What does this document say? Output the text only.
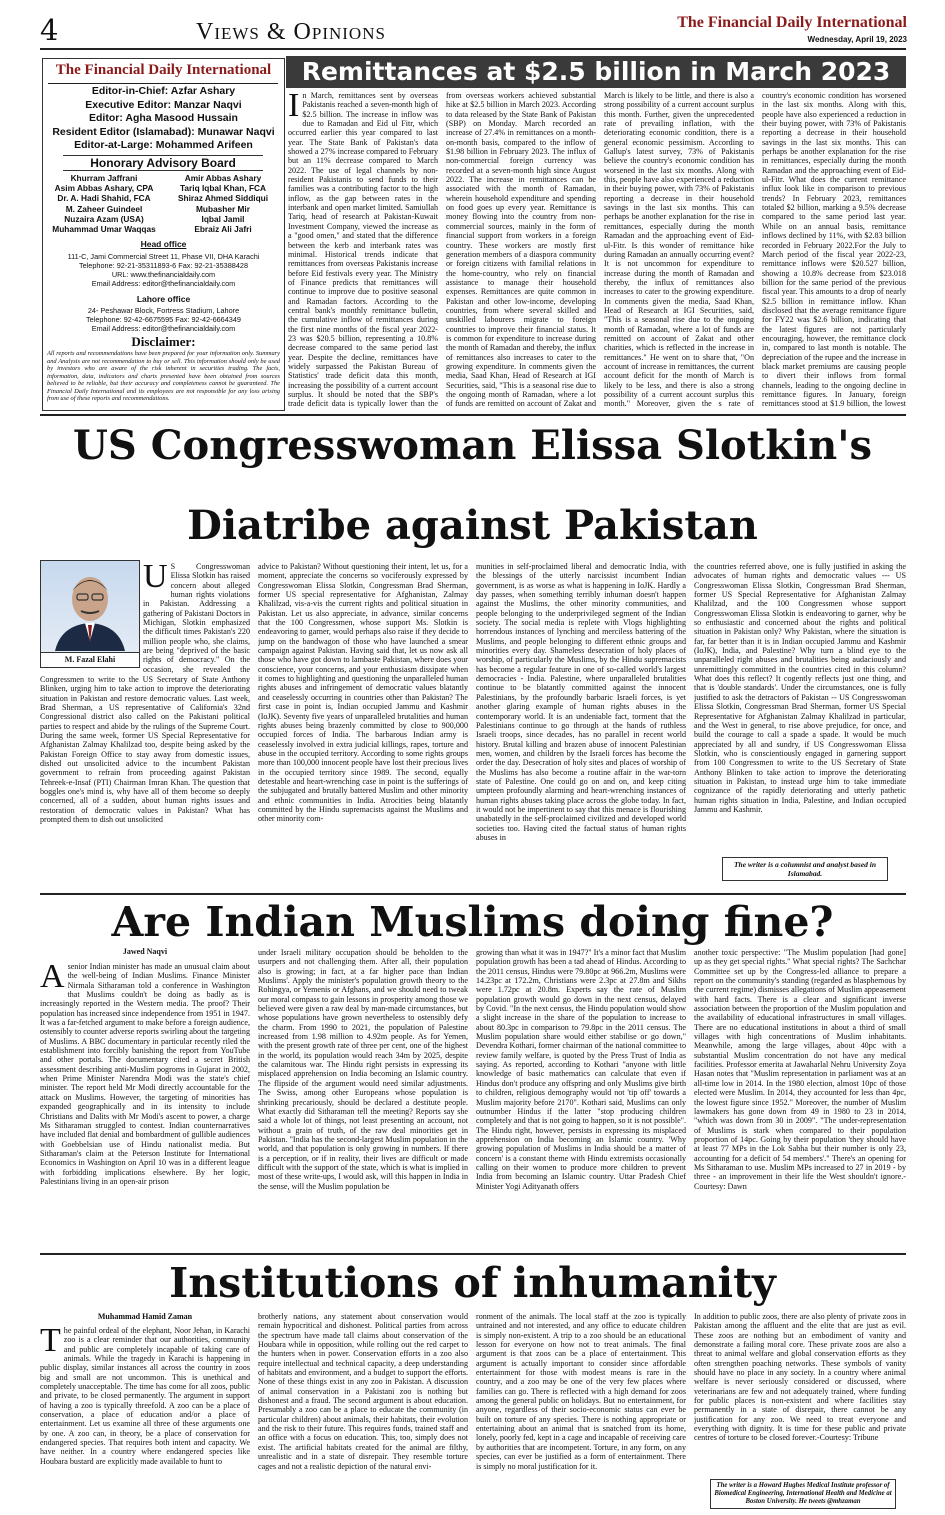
4	Views & Opinions	The Financial Daily International
Wednesday, April 19, 2023
The Financial Daily International
Editor-in-Chief: Azfar Ashary
Executive Editor: Manzar Naqvi
Editor: Agha Masood Hussain
Resident Editor (Islamabad): Munawar Naqvi
Editor-at-Large: Mohammed Arifeen
Honorary Advisory Board
Khurram Jaffrani
Asim Abbas Ashary, CPA
Dr. A. Hadi Shahid, FCA
M. Zaheer Guindeel
Nuzaira Azam (USA)
Muhammad Umar Waqqas
Amir Abbas Ashary
Tariq Iqbal Khan, FCA
Shiraz Ahmed Siddiqui
Mubasher Mir
Iqbal Jamil
Ebraiz Ali Jafri
Head office
111-C, Jami Commercial Street 11, Phase VII, DHA Karachi
Telephone: 92-21-35311893-6 Fax: 92-21-35388428
URL: www.thefinancialdaily.com
Email Address: editor@thefinancialdaily.com
Lahore office
24- Peshawar Block, Fortress Stadium, Lahore
Telephone: 92-42-6675595 Fax: 92-42-6664349
Email Address: editor@thefinancialdaily.com
Disclaimer:
All reports and recommendations have been prepared for your information only. Summary and Analysis are not recommendation to buy or sell. This information should only be used by investors who are aware of the risk inherent in securities trading. The facts, information, data, indicators and charts presented have been obtained from sources believed to be reliable, but their accuracy and completeness cannot be guaranteed. The Financial Daily International and its employees are not responsible for any loss arising from use of these reports and recommendations.
Remittances at $2.5 billion in March 2023

In March, remittances sent by overseas Pakistanis reached a seven-month high of $2.5 billion. The increase in inflow was due to Ramadan and Eid ul Fitr, which occurred earlier this year compared to last year. The State Bank of Pakistan's data showed a 27% increase compared to February but an 11% decrease compared to March 2022. The use of legal channels by non-resident Pakistanis to send funds to their families was a contributing factor to the high inflow, as the gap between rates in the interbank and open market limited. Samiullah Tariq, head of research at Pakistan-Kuwait Investment Company, viewed the increase as a "good omen," and stated that the difference between the kerb and interbank rates was minimal. Historical trends indicate that remittances from overseas Pakistanis increase before Eid festivals every year. The Ministry of Finance predicts that remittances will continue to improve due to positive seasonal and Ramadan factors. According to the central bank's monthly remittance bulletin, the cumulative inflow of remittances during the first nine months of the fiscal year 2022-23 was $20.5 billion, representing a 10.8% decrease compared to the same period last year. Despite the decline, remittances have widely surpassed the Pakistan Bureau of Statistics' trade deficit data this month, increasing the possibility of a current account surplus. It should be noted that the SBP's trade deficit data is typically lower than the

from overseas workers achieved substantial hike at $2.5 billion in March 2023. According to data released by the State Bank of Pakistan (SBP) on Monday. March recorded an increase of 27.4% in remittances on a month-on-month basis, compared to the inflow of $1.98 billion in February 2023. The influx of non-commercial foreign currency was recorded at a seven-month high since August 2022. The increase in remittances can be associated with the month of Ramadan, wherein household expenditure and spending on food goes up every year. Remittance is money flowing into the country from non-commercial sources, mainly in the form of financial support from workers in a foreign country. These workers are mostly first generation members of a diaspora community or foreign citizens with familial relations in the home-country, who rely on financial assistance to manage their household expenses. Remittances are quite common in Pakistan and other low-income, developing countries, from where several skilled and unskilled labourers migrate to foreign countries to improve their financial status. It is common for expenditure to increase during the month of Ramadan and thereby, the influx of remittances also increases to cater to the growing expenditure. In comments given the media, Saad Khan, Head of Research at IGI Securities, said, "This is a seasonal rise due to the ongoing month of Ramadan, where a lot of funds are remitted on account of Zakat and

March is likely to be little, and there is also a strong possibility of a current account surplus this month. Further, given the unprecedented rate of prevailing inflation, with the deteriorating economic condition, there is a general economic pessimism. According to Gallup's latest survey, 73% of Pakistanis believe the country's economic condition has worsened in the last six months. Along with this, people have also experienced a reduction in their buying power, with 73% of Pakistanis reporting a decrease in their household savings in the last six months. This can perhaps be another explanation for the rise in remittances, especially during the month Ramadan and the approaching event of Eid-ul-Fitr. Is this wonder of remittance hike during Ramadan an annually occurring event? It is not uncommon for expenditure to increase during the month of Ramadan and thereby, the influx of remittances also increases to cater to the growing expenditure. In comments given the media, Saad Khan, Head of Research at IGI Securities, said, "This is a seasonal rise due to the ongoing month of Ramadan, where a lot of funds are remitted on account of Zakat and other charities, which is reflected in the increase in remittances." He went on to share that, "On account of increase in remittances, the current account deficit for the month of March is likely to be less, and there is also a strong possibility of a current account surplus this month." Moreover, given the s rate of

country's economic condition has worsened in the last six months. Along with this, people have also experienced a reduction in their buying power, with 73% of Pakistanis reporting a decrease in their household savings in the last six months. This can perhaps be another explanation for the rise in remittances, especially during the month Ramadan and the approaching event of Eid-ul-Fitr. What does the current remittance influx look like in comparison to previous trends? In February 2023, remittances totaled $2 billion, marking a 9.5% decrease compared to the same period last year. While on an annual basis, remittance inflows declined by 11%, with $2.83 billion recorded in February 2022.For the July to March period of the fiscal year 2022-23, remittance inflows were $20.527 billion, showing a 10.8% decrease from $23.018 billion for the same period of the previous fiscal year. This amounts to a drop of nearly $2.5 billion in remittance inflow. Khan disclosed that the average remittance figure for FY22 was $2.6 billion, indicating that the latest figures are not particularly encouraging, however, the remittance clock in, compared to last month is notable. The depreciation of the rupee and the increase in black market premiums are causing people to divert their inflows from formal channels, leading to the ongoing decline in remittance figures. In January, foreign remittances stood at $1.9 billion, the lowest

US Congresswoman Elissa Slotkin's
Diatribe against Pakistan
M. Fazal Elahi

U S Congresswoman Elissa Slotkin has raised concern about alleged human rights violations in Pakistan. Addressing a gathering of Pakistani Doctors in Michigan, Slotkin emphasized the difficult times Pakistan's 220 million people who, she claims, are being "deprived of the basic rights of democracy." On the occasion, she revealed the

Congressmen to write to the US Secretary of State Anthony Blinken, urging him to take action to improve the deteriorating situation in Pakistan and restore democratic values. Last week, Brad Sherman, a US representative of California's 32nd Congressional district also called on the Pakistani political parties to respect and abide by the rulings of the Supreme Court. During the same week, former US Special Representative for Afghanistan Zalmay Khalilzad too, despite being asked by the Pakistan Foreign Office to stay away from domestic issues, dished out unsolicited advice to the incumbent Pakistan government to refrain from proceeding against Pakistan Tehreek-e-Insaf (PTI) Chairman Imran Khan. The question that boggles one's mind is, why have all of them become so deeply concerned, all of a sudden, about human rights issues and restoration of democratic values in Pakistan? What has prompted them to dish out unsolicited

advice to Pakistan? Without questioning their intent, let us, for a moment, appreciate the concerns so vociferously expressed by Congresswoman Elissa Slotkin, Congressman Brad Sherman, former US special representative for Afghanistan, Zalmay Khalilzad, vis-a-vis the current rights and political situation in Pakistan. Let us also appreciate, in advance, similar concerns that the 100 Congressmen, whose support Ms. Slotkin is endeavoring to garner, would perhaps also raise if they decide to jump on the bandwagon of those who have launched a smear campaign against Pakistan. Having said that, let us now ask all those who have got down to lambaste Pakistan, where does your conscience, your concerns, and your enthusiasm dissipate when it comes to highlighting and questioning the unparalleled human rights abuses and infringement of democratic values blatantly and ceaselessly occurring in countries other than Pakistan? The first case in point is, Indian occupied Jammu and Kashmir (IoJK). Seventy five years of unparalleled brutalities and human rights abuses being brazenly committed by close to 900,000 occupied forces of India. The barbarous Indian army is ceaselessly involved in extra judicial killings, rapes, torture and abuse in the occupied territory. According to some rights groups more than 100,000 innocent people have lost their precious lives in the occupied territory since 1989. The second, equally detestable and heart-wrenching case in point is the sufferings of the subjugated and brutally battered Muslim and other minority and ethnic communities in India. Atrocities being blatantly committed by the Hindu supremacists against the Muslims and other minority com-

munities in self-proclaimed liberal and democratic India, with the blessings of the utterly narcissist incumbent Indian government, is as worse as what is happening in IoJK. Hardly a day passes, when something terribly inhuman doesn't happen against the Muslims, the other minority communities, and people belonging to the underprivileged segment of the Indian society. The social media is replete with Vlogs highlighting horrendous instances of lynching and merciless battering of the Muslims, and people belonging to different ethnic groups and minorities every day. Shameless desecration of holy places of worship, of particularly the Muslims, by the Hindu supremacists has become a regular feature in one of so-called world's largest democracies - India. Palestine, where unparalleled brutalities continue to be blatantly committed against the innocent Palestinians, by the profoundly barbaric Israeli forces, is yet another glaring example of human rights abuses in the contemporary world. It is an undeniable fact, torment that the Palestinians continue to go through at the hands of ruthless Israeli troops, since decades, has no parallel in recent world history. Brutal killing and brazen abuse of innocent Palestinian men, women, and children by the Israeli forces has become the order the day. Desecration of holy sites and places of worship of the Muslims has also become a routine affair in the war-torn state of Palestine. One could go on and on, and keep citing umpteen profoundly alarming and heart-wrenching instances of human rights abuses taking place across the globe today. In fact, it would not be impertinent to say that this menace is flourishing unabatedly in the self-proclaimed civilized and developed world societies too. Having cited the factual status of human rights abuses in

the countries referred above, one is fully justified in asking the advocates of human rights and democratic values --- US Congresswoman Elissa Slotkin, Congressman Brad Sherman, former US Special Representative for Afghanistan Zalmay Khalilzad, and the 100 Congressmen whose support Congresswoman Elissa Slotkin is endeavoring to garner, why be so enthusiastic and concerned about the rights and political situation in Pakistan only? Why Pakistan, where the situation is far, far better than it is in Indian occupied Jammu and Kashmir (IoJK), India, and Palestine? Why turn a blind eye to the unparalleled right abuses and brutalities being audaciously and unremittingly committed in the countries cited in this column? What does this reflect? It cogently reflects just one thing, and that is 'double standards'. Under the circumstances, one is fully justified to ask the detractors of Pakistan -- US Congresswoman Elissa Slotkin, Congressman Brad Sherman, former US Special Representative for Afghanistan Zalmay Khalilzad in particular, and the West in general, to rise above prejudice, for once, and build the courage to call a spade a spade. It would be much appreciated by all and sundry, if US Congresswoman Elissa Slotkin, who is conscientiously engaged in garnering support from 100 Congressmen to write to the US Secretary of State Anthony Blinken to take action to improve the deteriorating situation in Pakistan, to instead urge him to take immediate cognizance of the rapidly deteriorating and utterly pathetic human rights situation in India, Palestine, and Indian occupied Jammu and Kashmir.

The writer is a columnist and analyst based in Islamabad.
Are Indian Muslims doing fine?
Jawed Naqvi

Asenior Indian minister has made an unusual claim about the well-being of Indian Muslims. Finance Minister Nirmala Sitharaman told a conference in Washington that Muslims couldn't be doing as badly as is increasingly reported in the Western media. The proof? Their population has increased since independence from 1951 in 1947. It was a far-fetched argument to make before a foreign audience, ostensibly to counter adverse reports swirling about the targeting of Muslims. A BBC documentary in particular recently riled the establishment into forcibly banishing the report from YouTube and other portals. The documentary cited a secret British assessment describing anti-Muslim pogroms in Gujarat in 2002, when Prime Minister Narendra Modi was the state's chief minister. The report held Mr Modi directly accountable for the attack on Muslims. However, the targeting of minorities has expanded geographically and in its intensity to include Christians and Dalits with Mr Modi's ascent to power, a charge Ms Sitharaman struggled to contest. Indian counternarratives have included flat denial and bombardment of gullible audiences with Goebbelsian use of Hindu nationalist media. But Sitharaman's claim at the Peterson Institute for International Economics in Washington on April 10 was in a different league with forbidding implications elsewhere. By her logic, Palestinians living in an open-air prison

under Israeli military occupation should be beholden to the usurpers and not challenging them. After all, their population also is growing; in fact, at a far higher pace than Indian Muslims'. Apply the minister's population growth theory to the Rohingya, or Yemenis or Afghans, and we should need to tweak our moral compass to gain lessons in prosperity among those we believed were given a raw deal by man-made circumstances, but whose populations have grown nevertheless to ostensibly defy the charm. From 1990 to 2021, the population of Palestine increased from 1.98 million to 4.92m people. As for Yemen, with the present growth rate of three per cent, one of the highest in the world, its population would reach 34m by 2025, despite the calamitous war. The Hindu right persists in expressing its misplaced apprehension on India becoming an Islamic country. The flipside of the argument would need similar adjustments. The Swiss, among other Europeans whose population is shrinking precariously, should be declared a destitute people. What exactly did Sitharaman tell the meeting? Reports say she said a whole lot of things, not least presenting an account, not without a grain of truth, of the raw deal minorities get in Pakistan. "India has the second-largest Muslim population in the world, and that population is only growing in numbers. If there is a perception, or if in reality, their lives are difficult or made difficult with the support of the state, which is what is implied in most of these write-ups, I would ask, will this happen in India in the sense, will the Muslim population be

growing than what it was in 1947?" It's a minor fact that Muslim population growth has been a tad ahead of Hindus. According to the 2011 census, Hindus were 79.80pc at 966.2m, Muslims were 14.23pc at 172.2m, Christians were 2.3pc at 27.8m and Sikhs were 1.72pc at 20.8m. Experts say the rate of Muslim population growth would go down in the next census, delayed by Covid. "In the next census, the Hindu population would show a slight increase in the share of the population to increase to about 80.3pc in comparison to 79.8pc in the 2011 census. The Muslim population share would either stabilise or go down," Devendra Kothari, former chairman of the national committee to review family welfare, is quoted by the Press Trust of India as saying. As reported, according to Kothari "anyone with little knowledge of basic mathematics can calculate that even if Hindus don't produce any offspring and only Muslims give birth to children, religious demography would not 'tip off' towards a Muslim majority before 2170". Kothari said, Muslims can only outnumber Hindus if the latter "stop producing children completely and that is not going to happen, so it is not possible". The Hindu right, however, persists in expressing its misplaced apprehension on India becoming an Islamic country. 'Why growing population of Muslims in India should be a matter of concern' is a constant theme with Hindu extremists occasionally calling on their women to produce more children to prevent India from becoming an Islamic country. Uttar Pradesh Chief Minister Yogi Adityanath offers

another toxic perspective: "The Muslim population [had gone] up as they get special rights." What special rights? The Sachchar Committee set up by the Congress-led alliance to prepare a report on the community's standing (regarded as blasphemous by the current regime) dismisses allegations of Muslim appeasement with hard facts. There is a clear and significant inverse association between the proportion of the Muslim population and the availability of educational infrastructures in small villages. There are no educational institutions in about a third of small villages with high concentrations of Muslim inhabitants. Meanwhile, among the large villages, about 40pc with a substantial Muslim concentration do not have any medical facilities. Professor emerita at Jawaharlal Nehru University Zoya Hasan notes that "Muslim representation in parliament was at an all-time low in 2014. In the 1980 election, almost 10pc of those elected were Muslim. In 2014, they accounted for less than 4pc, the lowest figure since 1952." Moreover, the number of Muslim lawmakers has gone down from 49 in 1980 to 23 in 2014, "which was down from 30 in 2009". "The under-representation of Muslims is stark when compared to their population proportion of 14pc. Going by their population 'they should have at least 77 MPs in the Lok Sabha but their number is only 23, accounting for a deficit of 54 members'." There's an opening for Ms Sitharaman to use. Muslim MPs increased to 27 in 2019 - by three - an improvement in their life the West shouldn't ignore.-Courtesy: Dawn

Institutions of inhumanity
Muhammad Hamid Zaman

The painful ordeal of the elephant, Noor Jehan, in Karachi zoo is a clear reminder that our authorities, community and public are completely incapable of taking care of animals. While the tragedy in Karachi is happening in public display, similar instances all across the country in zoos big and small are not uncommon. This is unethical and completely unacceptable. The time has come for all zoos, public and private, to be closed permanently. The argument in support of having a zoo is typically threefold. A zoo can be a place of conservation, a place of education and/or a place of entertainment. Let us examine all three of these arguments one by one. A zoo can, in theory, be a place of conservation for endangered species. That requires both intent and capacity. We have neither. In a country where endangered species like Houbara bustard are explicitly made available to hunt to

brotherly nations, any statement about conservation would remain hypocritical and dishonest. Political parties from across the spectrum have made tall claims about conservation of the Houbara while in opposition, while rolling out the red carpet to the hunters when in power. Conservation efforts in a zoo also require intellectual and technical capacity, a deep understanding of habitats and environment, and a budget to support the efforts. None of these things exist in any zoo in Pakistan. A discussion of animal conservation in a Pakistani zoo is nothing but dishonest and a fraud. The second argument is about education. Presumably a zoo can be a place to educate the community (in particular children) about animals, their habitats, their evolution and the risk to their future. This requires funds, trained staff and an office with a focus on education. This, too, simply does not exist. The artificial habitats created for the animal are filthy, unrealistic and in a state of disrepair. They resemble torture cages and not a realistic depiction of the natural envi-

ronment of the animals. The local staff at the zoo is typically untrained and not interested, and any office to educate children is simply non-existent. A trip to a zoo should be an educational lesson for everyone on how not to treat animals. The final argument is that zoos can be a place of entertainment. This argument is actually important to consider since affordable entertainment for those with modest means is rare in the country, and a zoo may be one of the very few places where families can go. There is reflected with a high demand for zoos among the general public on holidays. But no entertainment, for anyone, regardless of their socio-economic status can ever be built on torture of any species. There is nothing appropriate or entertaining about an animal that is snatched from its home, lonely, poorly fed, kept in a cage and incapable of receiving care by authorities that are incompetent. Torture, in any form, on any species, can ever be justified as a form of entertainment. There is simply no moral justification for it.

In addition to public zoos, there are also plenty of private zoos in Pakistan among the affluent and the elite that are just as evil. These zoos are nothing but an embodiment of vanity and demonstrate a failing moral core. These private zoos are also a threat to animal welfare and global conservation efforts as they often strengthen poaching networks. These symbols of vanity should have no place in any society. In a country where animal welfare is never seriously considered or discussed, where veterinarians are few and not adequately trained, where funding for public places is non-existent and where facilities stay permanently in a state of disrepair, there cannot be any justification for any zoo. We need to treat everyone and everything with dignity. It is time for these public and private centres of torture to be closed forever.-Courtesy: Tribune

The writer is a Howard Hughes Medical Institute professor of Biomedical Engineering, International Health and Medicine at Boston University. He tweets @mhzaman
